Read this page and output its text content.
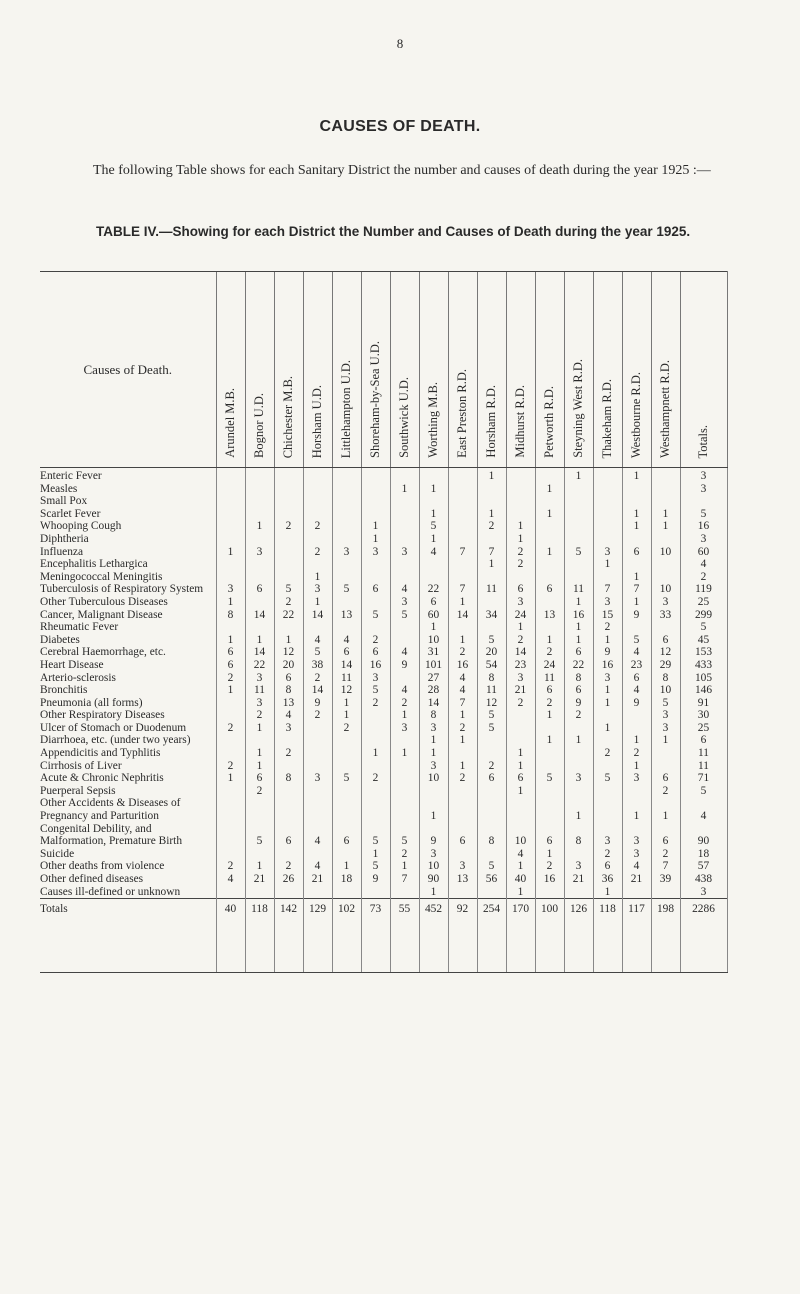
8
CAUSES OF DEATH.
The following Table shows for each Sanitary District the number and causes of death during the year 1925 :—
TABLE IV.—Showing for each District the Number and Causes of Death during the year 1925.
Causes of Death.	Arundel M.B.	Bognor U.D.	Chichester M.B.	Horsham U.D.	Littlehampton U.D.	Shoreham-by-Sea U.D.	Southwick U.D.	Worthing M.B.	East Preston R.D.	Horsham R.D.	Midhurst R.D.	Petworth R.D.	Steyning West R.D.	Thakeham R.D.	Westbourne R.D.	Westhampnett R.D.	Totals.
Enteric Fever										1			1		1		3
Measles							1	1				1					3
Small Pox																	
Scarlet Fever								1		1		1			1	1	5
Whooping Cough		1	2	2		1		5		2	1				1	1	16
Diphtheria						1		1			1						3
Influenza	1	3		2	3	3	3	4	7	7	2	1	5	3	6	10	60
Encephalitis Lethargica										1	2			1			4
Meningococcal Meningitis				1											1		2
Tuberculosis of Respiratory System	3	6	5	3	5	6	4	22	7	11	6	6	11	7	7	10	119
Other Tuberculous Diseases	1		2	1			3	6	1		3		1	3	1	3	25
Cancer, Malignant Disease	8	14	22	14	13	5	5	60	14	34	24	13	16	15	9	33	299
Rheumatic Fever								1			1		1	2			5
Diabetes	1	1	1	4	4	2		10	1	5	2	1	1	1	5	6	45
Cerebral Haemorrhage, etc.	6	14	12	5	6	6	4	31	2	20	14	2	6	9	4	12	153
Heart Disease	6	22	20	38	14	16	9	101	16	54	23	24	22	16	23	29	433
Arterio-sclerosis	2	3	6	2	11	3		27	4	8	3	11	8	3	6	8	105
Bronchitis	1	11	8	14	12	5	4	28	4	11	21	6	6	1	4	10	146
Pneumonia (all forms)		3	13	9	1	2	2	14	7	12	2	2	9	1	9	5	91
Other Respiratory Diseases		2	4	2	1		1	8	1	5		1	2			3	30
Ulcer of Stomach or Duodenum	2	1	3		2		3	3	2	5				1		3	25
Diarrhoea, etc. (under two years)								1	1			1	1		1	1	6
Appendicitis and Typhlitis		1	2			1	1	1			1			2	2		11
Cirrhosis of Liver	2	1						3	1	2	1				1		11
Acute & Chronic Nephritis	1	6	8	3	5	2		10	2	6	6	5	3	5	3	6	71
Puerperal Sepsis		2									1					2	5
Other Accidents & Diseases of Pregnancy and Parturition								1					1		1	1	4
Congenital Debility, and Malformation, Premature Birth		5	6	4	6	5	5	9	6	8	10	6	8	3	3	6	90
Suicide						1	2	3			4	1		2	3	2	18
Other deaths from violence	2	1	2	4	1	5	1	10	3	5	1	2	3	6	4	7	57
Other defined diseases	4	21	26	21	18	9	7	90	13	56	40	16	21	36	21	39	438
Causes ill-defined or unknown								1			1			1			3
Totals	40	118	142	129	102	73	55	452	92	254	170	100	126	118	117	198	2286
